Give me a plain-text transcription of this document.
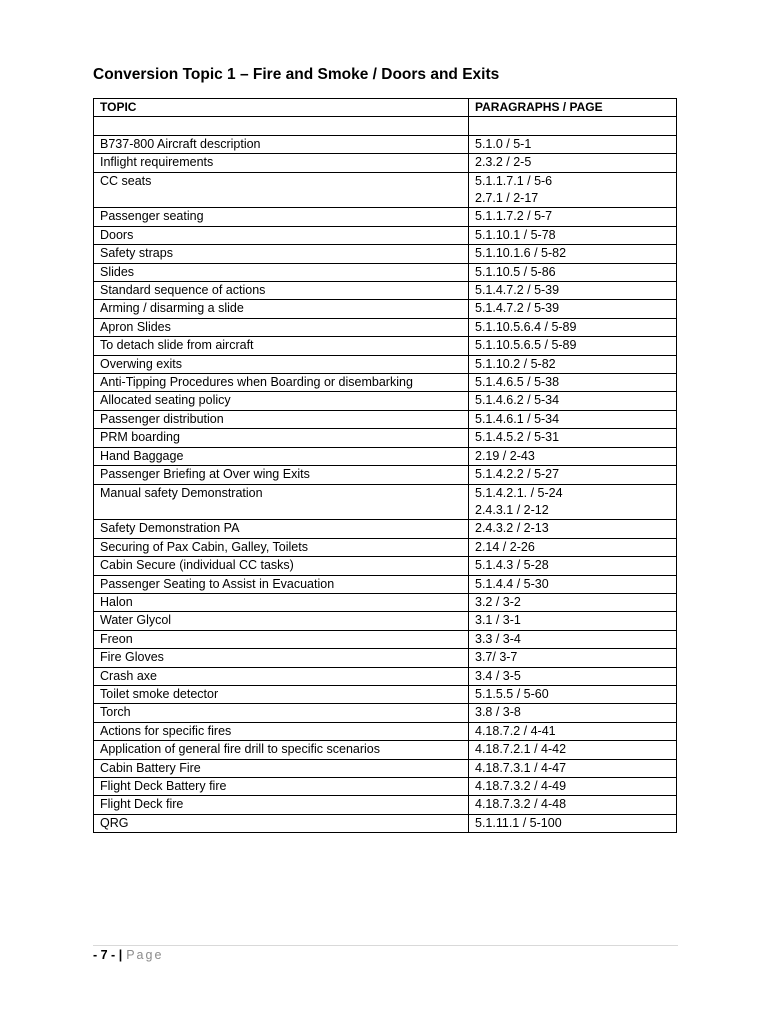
Conversion Topic 1 – Fire and Smoke / Doors and Exits
TOPIC	PARAGRAPHS / PAGE

B737-800 Aircraft description	5.1.0 / 5-1
Inflight requirements	2.3.2 / 2-5
CC seats	5.1.1.7.1 / 5-6
2.7.1 / 2-17
Passenger seating	5.1.1.7.2 / 5-7
Doors	5.1.10.1 / 5-78
Safety straps	5.1.10.1.6 / 5-82
Slides	5.1.10.5 / 5-86
Standard sequence of actions	5.1.4.7.2 / 5-39
Arming / disarming a slide	5.1.4.7.2 / 5-39
Apron Slides	5.1.10.5.6.4 / 5-89
To detach slide from aircraft	5.1.10.5.6.5 / 5-89
Overwing exits	5.1.10.2 / 5-82
Anti-Tipping Procedures when Boarding or disembarking	5.1.4.6.5 / 5-38
Allocated seating policy	5.1.4.6.2 / 5-34
Passenger distribution	5.1.4.6.1 / 5-34
PRM boarding	5.1.4.5.2 / 5-31
Hand Baggage	2.19 / 2-43
Passenger Briefing at Over wing Exits	5.1.4.2.2 / 5-27
Manual safety Demonstration	5.1.4.2.1. / 5-24
2.4.3.1 / 2-12
Safety Demonstration PA	2.4.3.2 / 2-13
Securing of Pax Cabin, Galley, Toilets	2.14 / 2-26
Cabin Secure (individual CC tasks)	5.1.4.3 / 5-28
Passenger Seating to Assist in Evacuation	5.1.4.4 / 5-30
Halon	3.2 / 3-2
Water Glycol	3.1 / 3-1
Freon	3.3 / 3-4
Fire Gloves	3.7/ 3-7
Crash axe	3.4 / 3-5
Toilet smoke detector	5.1.5.5 / 5-60
Torch	3.8 / 3-8
Actions for specific fires	4.18.7.2 / 4-41
Application of general fire drill to specific scenarios	4.18.7.2.1 / 4-42
Cabin Battery Fire	4.18.7.3.1 / 4-47
Flight Deck Battery fire	4.18.7.3.2 / 4-49
Flight Deck fire	4.18.7.3.2 / 4-48
QRG	5.1.11.1 / 5-100
- 7 - | Page
